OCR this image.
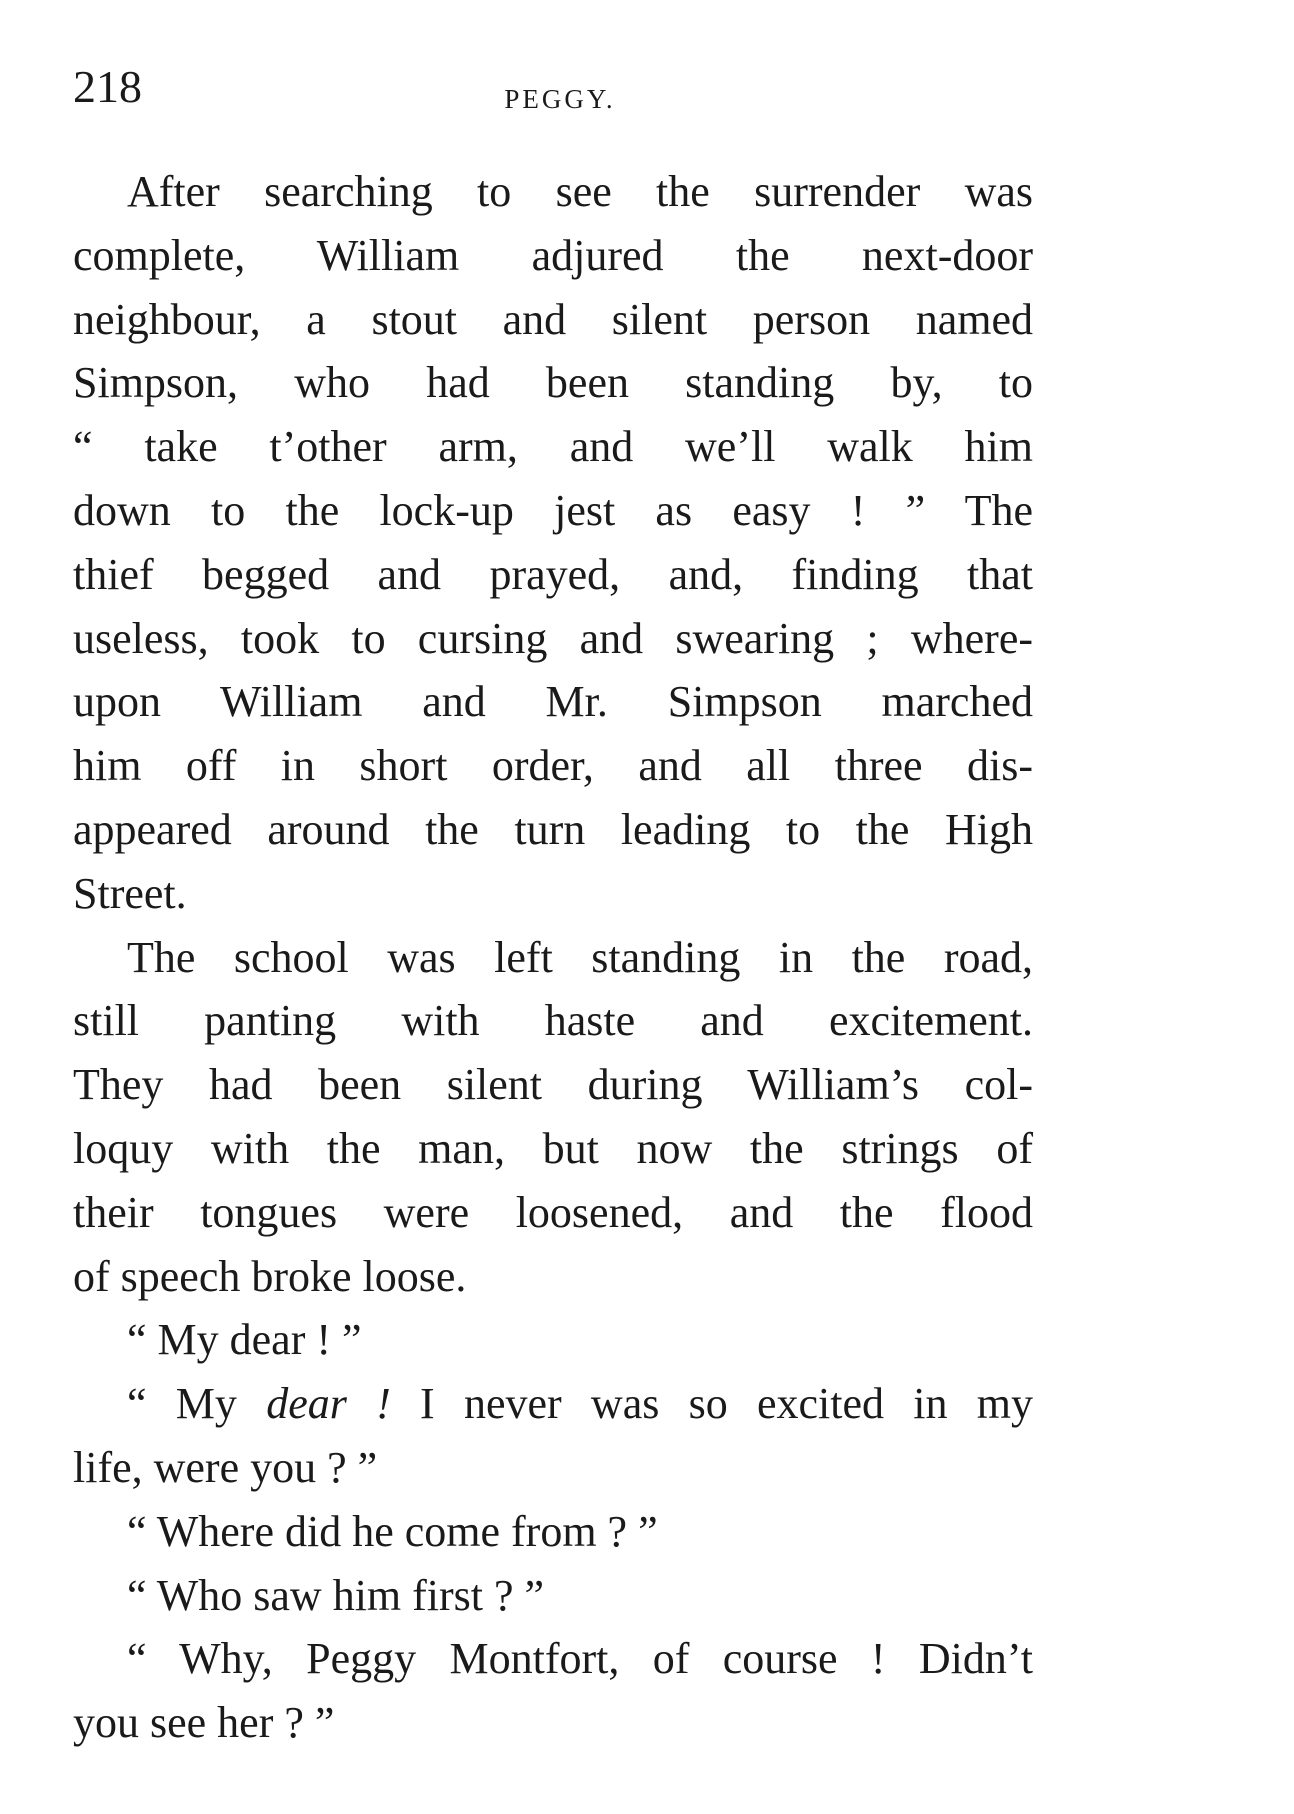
218	PEGGY.
After searching to see the surrender was
complete, William adjured the next-door
neighbour, a stout and silent person named
Simpson, who had been standing by, to
“ take t’other arm, and we’ll walk him
down to the lock-up jest as easy ! ” The
thief begged and prayed, and, finding that
useless, took to cursing and swearing ; where-
upon William and Mr. Simpson marched
him off in short order, and all three dis-
appeared around the turn leading to the High
Street.
The school was left standing in the road,
still panting with haste and excitement.
They had been silent during William’s col-
loquy with the man, but now the strings of
their tongues were loosened, and the flood
of speech broke loose.
“ My dear ! ”
“ My dear ! I never was so excited in my
life, were you ? ”
“ Where did he come from ? ”
“ Who saw him first ? ”
“ Why, Peggy Montfort, of course ! Didn’t
you see her ? ”
